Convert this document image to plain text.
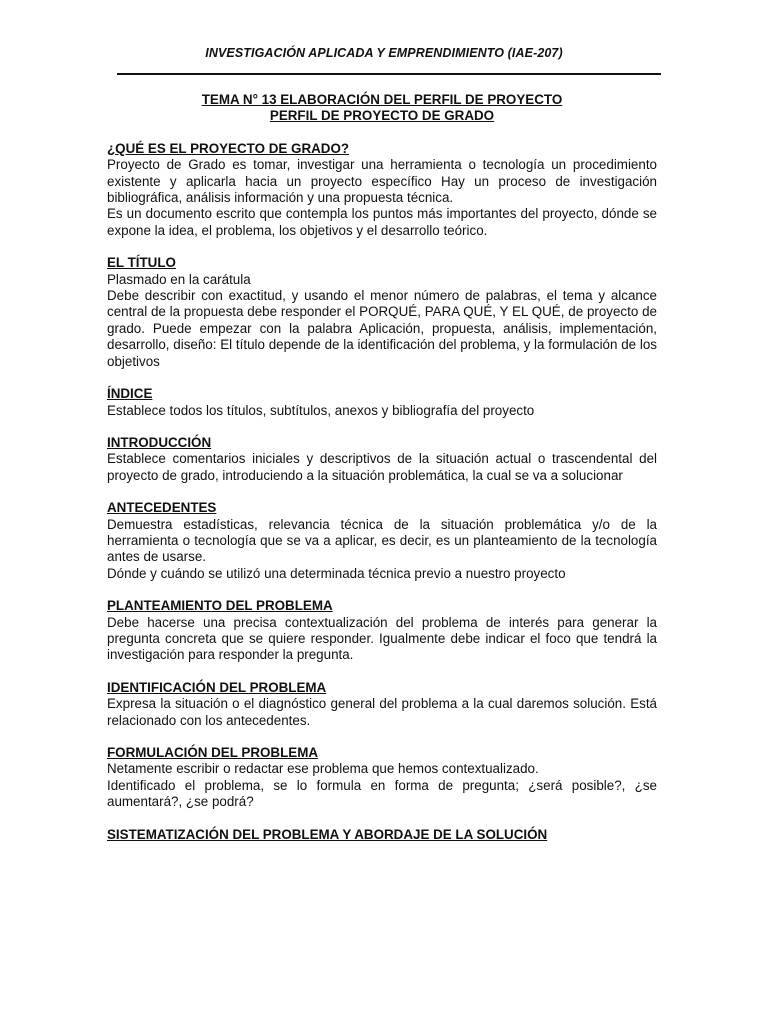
INVESTIGACIÓN APLICADA Y EMPRENDIMIENTO (IAE-207)
TEMA N° 13 ELABORACIÓN DEL PERFIL DE PROYECTO
PERFIL DE PROYECTO DE GRADO
¿QUÉ ES EL PROYECTO DE GRADO?

Proyecto de Grado es tomar, investigar una herramienta o tecnología un procedimiento existente y aplicarla hacia un proyecto específico Hay un proceso de investigación bibliográfica, análisis información y una propuesta técnica.

Es un documento escrito que contempla los puntos más importantes del proyecto, dónde se expone la idea, el problema, los objetivos y el desarrollo teórico.

EL TÍTULO

Plasmado en la carátula

Debe describir con exactitud, y usando el menor número de palabras, el tema y alcance central de la propuesta debe responder el PORQUÉ, PARA QUÉ, Y EL QUÉ, de proyecto de grado. Puede empezar con la palabra Aplicación, propuesta, análisis, implementación, desarrollo, diseño: El título depende de la identificación del problema, y la formulación de los objetivos

ÍNDICE

Establece todos los títulos, subtítulos, anexos y bibliografía del proyecto

INTRODUCCIÓN

Establece comentarios iniciales y descriptivos de la situación actual o trascendental del proyecto de grado, introduciendo a la situación problemática, la cual se va a solucionar

ANTECEDENTES

Demuestra estadísticas, relevancia técnica de la situación problemática y/o de la herramienta o tecnología que se va a aplicar, es decir, es un planteamiento de la tecnología antes de usarse.

Dónde y cuándo se utilizó una determinada técnica previo a nuestro proyecto

PLANTEAMIENTO DEL PROBLEMA

Debe hacerse una precisa contextualización del problema de interés para generar la pregunta concreta que se quiere responder. Igualmente debe indicar el foco que tendrá la investigación para responder la pregunta.

IDENTIFICACIÓN DEL PROBLEMA

Expresa la situación o el diagnóstico general del problema a la cual daremos solución. Está relacionado con los antecedentes.

FORMULACIÓN DEL PROBLEMA

Netamente escribir o redactar ese problema que hemos contextualizado.

Identificado el problema, se lo formula en forma de pregunta; ¿será posible?, ¿se aumentará?, ¿se podrá?

SISTEMATIZACIÓN DEL PROBLEMA Y ABORDAJE DE LA SOLUCIÓN
